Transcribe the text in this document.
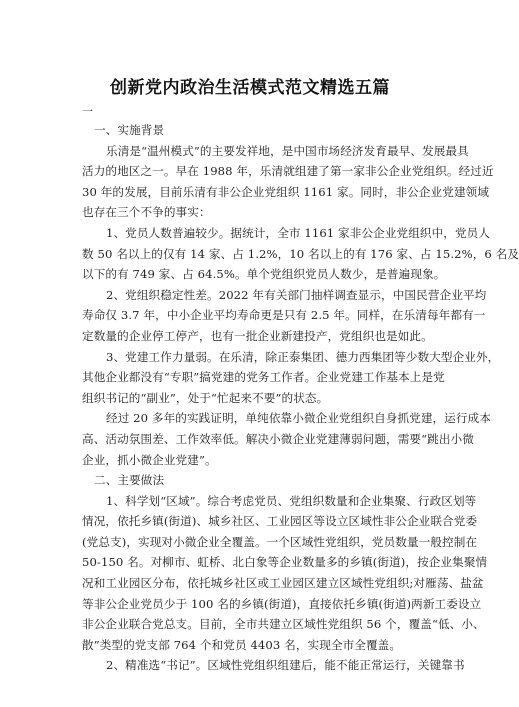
创新党内政治生活模式范文精选五篇
一
一、实施背景
乐清是“温州模式”的主要发祥地，是中国市场经济发育最早、发展最具
活力的地区之一。早在 1988 年，乐清就组建了第一家非公企业党组织。经过近
30 年的发展，目前乐清有非公企业党组织 1161 家。同时，非公企业党建领域
也存在三个不争的事实：
1、党员人数普遍较少。据统计，全市 1161 家非公企业党组织中，党员人
数 50 名以上的仅有 14 家、占 1.2%，10 名以上的有 176 家、占 15.2%，6 名及
以下的有 749 家、占 64.5%。单个党组织党员人数少，是普遍现象。
2、党组织稳定性差。2022 年有关部门抽样调查显示，中国民营企业平均
寿命仅 3.7 年，中小企业平均寿命更是只有 2.5 年。同样，在乐清每年都有一
定数量的企业停工停产，也有一批企业新建投产，党组织也是如此。
3、党建工作力量弱。在乐清，除正泰集团、德力西集团等少数大型企业外，
其他企业都没有“专职”搞党建的党务工作者。企业党建工作基本上是党
组织书记的“副业”，处于“忙起来不要”的状态。
经过 20 多年的实践证明，单纯依靠小微企业党组织自身抓党建，运行成本
高、活动氛围差、工作效率低。解决小微企业党建薄弱问题，需要“跳出小微
企业，抓小微企业党建”。
二、主要做法
1、科学划“区域”。综合考虑党员、党组织数量和企业集聚、行政区划等
情况，依托乡镇(街道)、城乡社区、工业园区等设立区域性非公企业联合党委
(党总支)，实现对小微企业全覆盖。一个区域性党组织，党员数量一般控制在
50-150 名。对柳市、虹桥、北白象等企业数量多的乡镇(街道)，按企业集聚情
况和工业园区分布，依托城乡社区或工业园区建立区域性党组织;对雁荡、盐盆
等非公企业党员少于 100 名的乡镇(街道)，直接依托乡镇(街道)两新工委设立
非公企业联合党总支。目前，全市共建立区域性党组织 56 个，覆盖“低、小、
散”类型的党支部 764 个和党员 4403 名，实现全市全覆盖。
2、精准选“书记”。区域性党组织组建后，能不能正常运行，关键靠书
